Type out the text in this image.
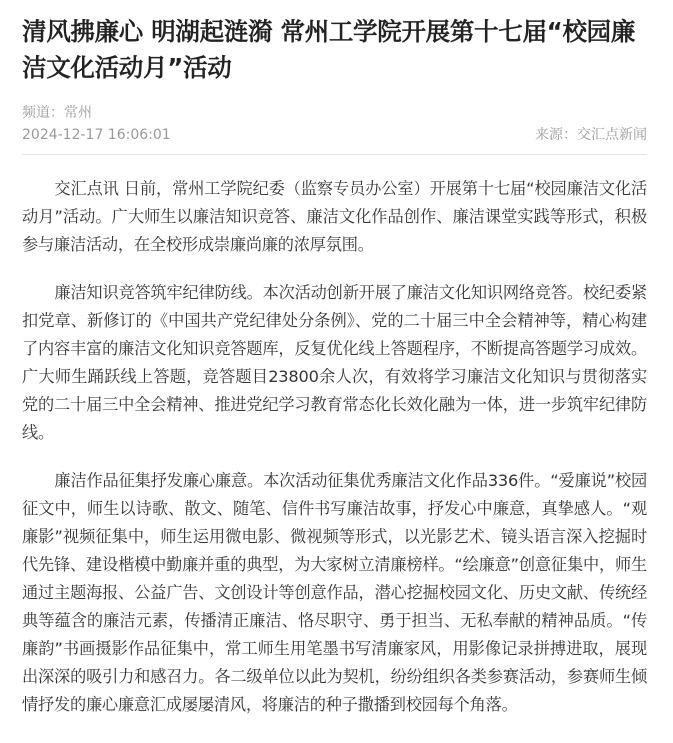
清风拂廉心 明湖起涟漪 常州工学院开展第十七届“校园廉洁文化活动月”活动
频道：常州
2024-12-17 16:06:01	来源：交汇点新闻

交汇点讯 日前，常州工学院纪委（监察专员办公室）开展第十七届“校园廉洁文化活动月”活动。广大师生以廉洁知识竞答、廉洁文化作品创作、廉洁课堂实践等形式，积极参与廉洁活动，在全校形成崇廉尚廉的浓厚氛围。

廉洁知识竞答筑牢纪律防线。本次活动创新开展了廉洁文化知识网络竞答。校纪委紧扣党章、新修订的《中国共产党纪律处分条例》、党的二十届三中全会精神等，精心构建了内容丰富的廉洁文化知识竞答题库，反复优化线上答题程序，不断提高答题学习成效。广大师生踊跃线上答题，竞答题目23800余人次，有效将学习廉洁文化知识与贯彻落实党的二十届三中全会精神、推进党纪学习教育常态化长效化融为一体，进一步筑牢纪律防线。

廉洁作品征集抒发廉心廉意。本次活动征集优秀廉洁文化作品336件。“爱廉说”校园征文中，师生以诗歌、散文、随笔、信件书写廉洁故事，抒发心中廉意，真挚感人。“观廉影”视频征集中，师生运用微电影、微视频等形式，以光影艺术、镜头语言深入挖掘时代先锋、建设楷模中勤廉并重的典型，为大家树立清廉榜样。“绘廉意”创意征集中，师生通过主题海报、公益广告、文创设计等创意作品，潜心挖掘校园文化、历史文献、传统经典等蕴含的廉洁元素，传播清正廉洁、恪尽职守、勇于担当、无私奉献的精神品质。“传廉韵”书画摄影作品征集中，常工师生用笔墨书写清廉家风，用影像记录拼搏进取，展现出深深的吸引力和感召力。各二级单位以此为契机，纷纷组织各类参赛活动，参赛师生倾情抒发的廉心廉意汇成屡屡清风，将廉洁的种子撒播到校园每个角落。
